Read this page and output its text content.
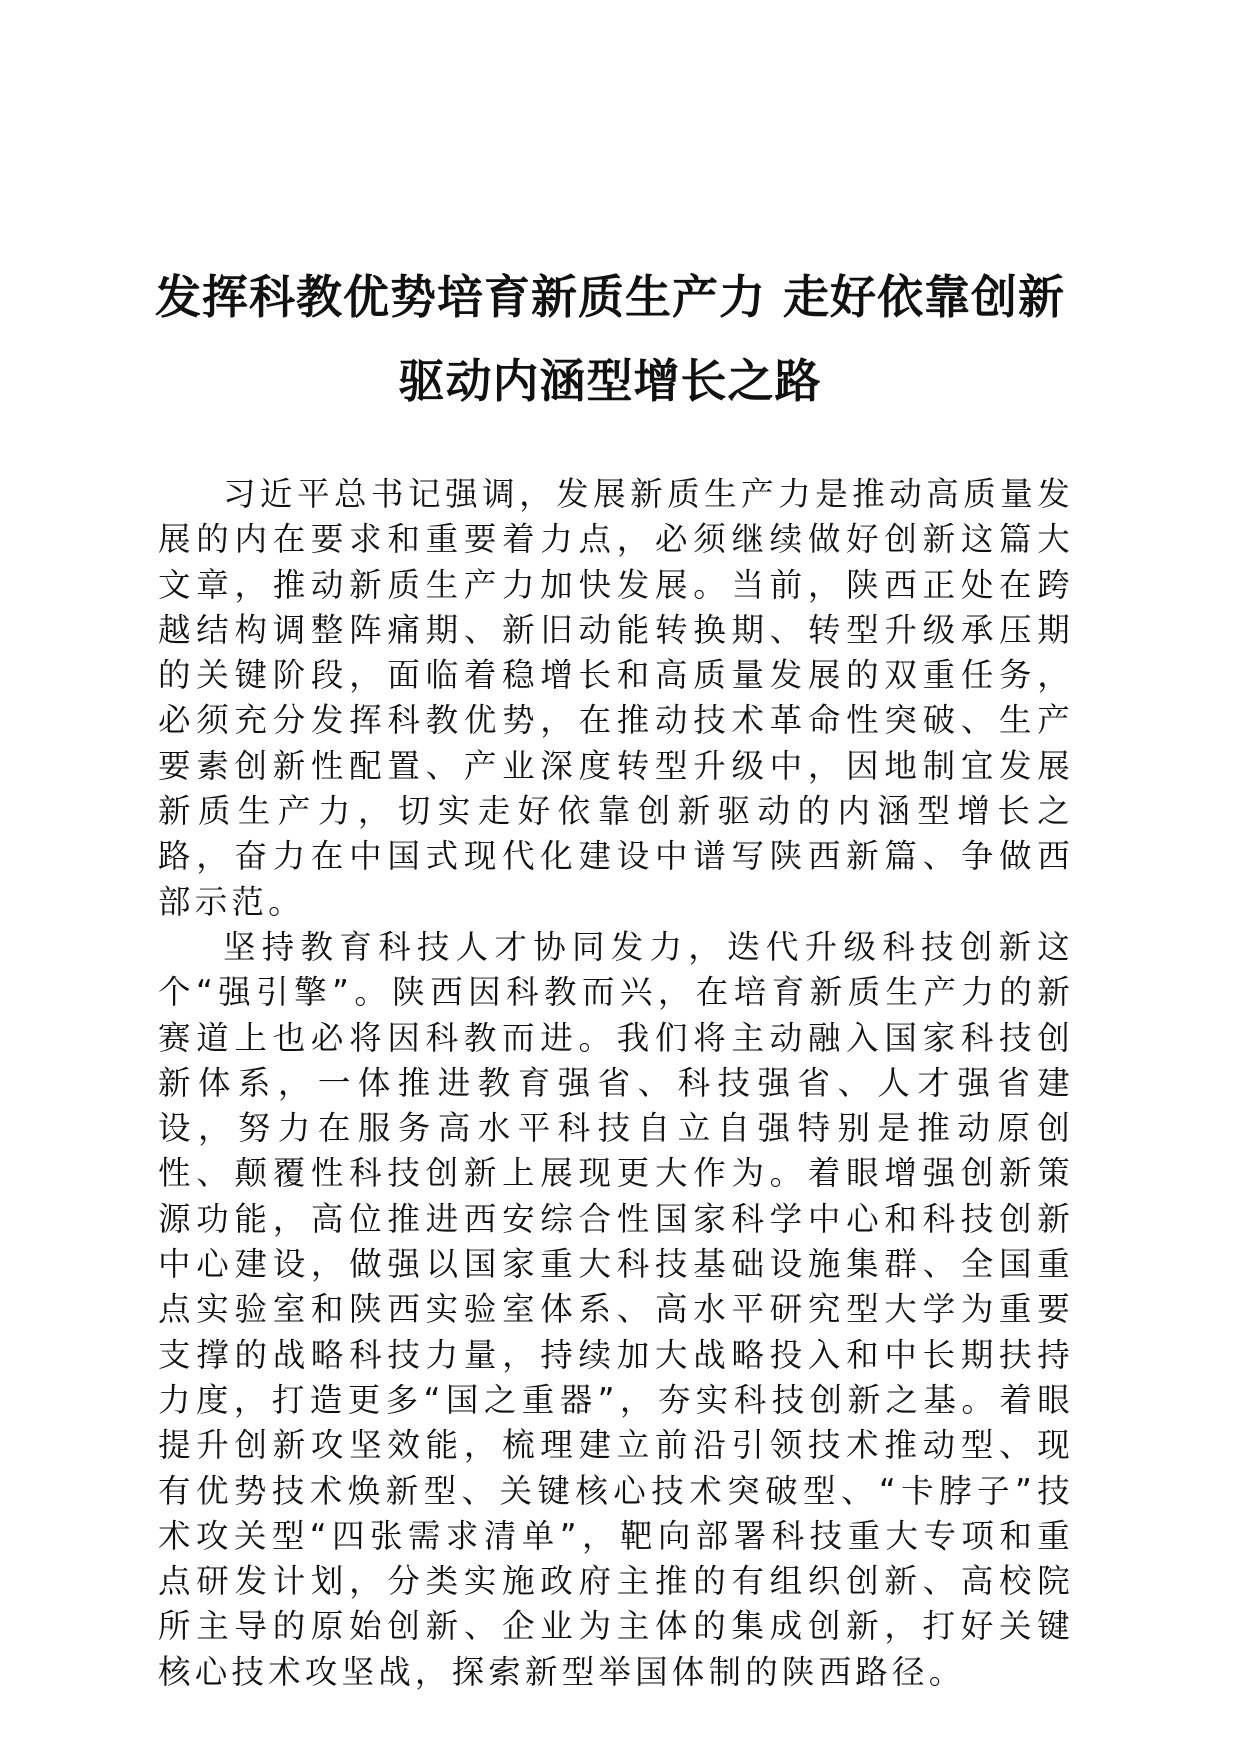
发挥科教优势培育新质生产力 走好依靠创新
驱动内涵型增长之路

习近平总书记强调，发展新质生产力是推动高质量发展的内在要求和重要着力点，必须继续做好创新这篇大文章，推动新质生产力加快发展。当前，陕西正处在跨越结构调整阵痛期、新旧动能转换期、转型升级承压期的关键阶段，面临着稳增长和高质量发展的双重任务，必须充分发挥科教优势，在推动技术革命性突破、生产要素创新性配置、产业深度转型升级中，因地制宜发展新质生产力，切实走好依靠创新驱动的内涵型增长之路，奋力在中国式现代化建设中谱写陕西新篇、争做西部示范。

坚持教育科技人才协同发力，迭代升级科技创新这个“强引擎”。陕西因科教而兴，在培育新质生产力的新赛道上也必将因科教而进。我们将主动融入国家科技创新体系，一体推进教育强省、科技强省、人才强省建设，努力在服务高水平科技自立自强特别是推动原创性、颠覆性科技创新上展现更大作为。着眼增强创新策源功能，高位推进西安综合性国家科学中心和科技创新中心建设，做强以国家重大科技基础设施集群、全国重点实验室和陕西实验室体系、高水平研究型大学为重要支撑的战略科技力量，持续加大战略投入和中长期扶持力度，打造更多“国之重器”，夯实科技创新之基。着眼提升创新攻坚效能，梳理建立前沿引领技术推动型、现有优势技术焕新型、关键核心技术突破型、“卡脖子”技术攻关型“四张需求清单”，靶向部署科技重大专项和重点研发计划，分类实施政府主推的有组织创新、高校院所主导的原始创新、企业为主体的集成创新，打好关键核心技术攻坚战，探索新型举国体制的陕西路径。
